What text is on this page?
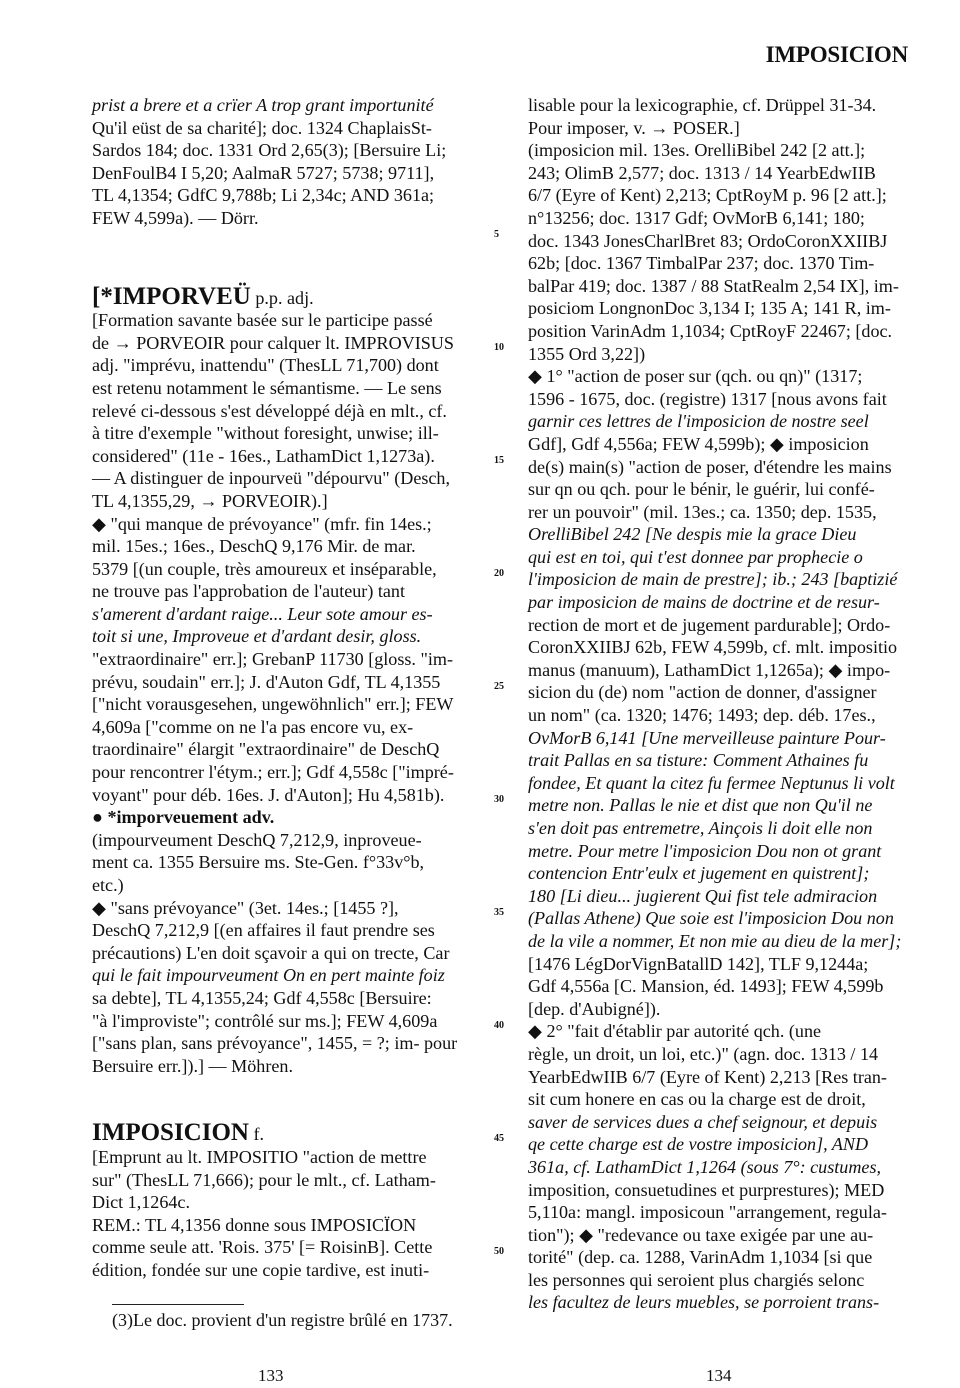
IMPOSICION
prist a brere et a crïer A trop grant importunité
Qu'il eüst de sa charité]; doc. 1324 ChaplaisSt-
Sardos 184; doc. 1331 Ord 2,65(3); [Bersuire Li;
DenFoulB4 I 5,20; AalmaR 5727; 5738; 9711],
TL 4,1354; GdfC 9,788b; Li 2,34c; AND 361a;
FEW 4,599a). — Dörr.
[*IMPORVEÜ p.p. adj.
[Formation savante basée sur le participe passé
de → PORVEOIR pour calquer lt. IMPROVISUS
adj. "imprévu, inattendu" (ThesLL 71,700) dont
est retenu notamment le sémantisme. — Le sens
relevé ci-dessous s'est développé déjà en mlt., cf.
à titre d'exemple "without foresight, unwise; ill-
considered" (11e - 16es., LathamDict 1,1273a).
— A distinguer de inpourveü "dépourvu" (Desch,
TL 4,1355,29, → PORVEOIR).]
◆ "qui manque de prévoyance" (mfr. fin 14es.;
mil. 15es.; 16es., DeschQ 9,176 Mir. de mar.
5379 [(un couple, très amoureux et inséparable,
ne trouve pas l'approbation de l'auteur) tant
s'amerent d'ardant raige... Leur sote amour es-
toit si une, Improveue et d'ardant desir, gloss.
"extraordinaire" err.]; GrebanP 11730 [gloss. "im-
prévu, soudain" err.]; J. d'Auton Gdf, TL 4,1355
["nicht vorausgesehen, ungewöhnlich" err.]; FEW
4,609a ["comme on ne l'a pas encore vu, ex-
traordinaire" élargit "extraordinaire" de DeschQ
pour rencontrer l'étym.; err.]; Gdf 4,558c ["impré-
voyant" pour déb. 16es. J. d'Auton]; Hu 4,581b).
● *imporveuement adv.
(impourveument DeschQ 7,212,9, inproveue-
ment ca. 1355 Bersuire ms. Ste-Gen. f°33v°b,
etc.)
◆ "sans prévoyance" (3et. 14es.; [1455 ?],
DeschQ 7,212,9 [(en affaires il faut prendre ses
précautions) L'en doit sçavoir a qui on trecte, Car
qui le fait impourveument On en pert mainte foiz
sa debte], TL 4,1355,24; Gdf 4,558c [Bersuire:
"à l'improviste"; contrôlé sur ms.]; FEW 4,609a
["sans plan, sans prévoyance", 1455, = ?; im- pour
Bersuire err.]).] — Möhren.
IMPOSICION f.
[Emprunt au lt. IMPOSITIO "action de mettre
sur" (ThesLL 71,666); pour le mlt., cf. Latham-
Dict 1,1264c.
REM.: TL 4,1356 donne sous IMPOSICÏON
comme seule att. 'Rois. 375' [= RoisinB]. Cette
édition, fondée sur une copie tardive, est inuti-
5
10
15
20
25
30
35
40
45
50
lisable pour la lexicographie, cf. Drüppel 31-34.
Pour imposer, v. → POSER.]
(imposicion mil. 13es. OrelliBibel 242 [2 att.];
243; OlimB 2,577; doc. 1313 / 14 YearbEdwIIB
6/7 (Eyre of Kent) 2,213; CptRoyM p. 96 [2 att.];
n°13256; doc. 1317 Gdf; OvMorB 6,141; 180;
doc. 1343 JonesCharlBret 83; OrdoCoronXXIIBJ
62b; [doc. 1367 TimbalPar 237; doc. 1370 Tim-
balPar 419; doc. 1387 / 88 StatRealm 2,54 IX], im-
posiciom LongnonDoc 3,134 I; 135 A; 141 R, im-
position VarinAdm 1,1034; CptRoyF 22467; [doc.
1355 Ord 3,22])
◆ 1° "action de poser sur (qch. ou qn)" (1317;
1596 - 1675, doc. (registre) 1317 [nous avons fait
garnir ces lettres de l'imposicion de nostre seel
Gdf], Gdf 4,556a; FEW 4,599b); ◆ imposicion
de(s) main(s) "action de poser, d'étendre les mains
sur qn ou qch. pour le bénir, le guérir, lui confé-
rer un pouvoir" (mil. 13es.; ca. 1350; dep. 1535,
OrelliBibel 242 [Ne despis mie la grace Dieu
qui est en toi, qui t'est donnee par prophecie o
l'imposicion de main de prestre]; ib.; 243 [baptizié
par imposicion de mains de doctrine et de resur-
rection de mort et de jugement pardurable]; Ordo-
CoronXXIIBJ 62b, FEW 4,599b, cf. mlt. impositio
manus (manuum), LathamDict 1,1265a); ◆ impo-
sicion du (de) nom "action de donner, d'assigner
un nom" (ca. 1320; 1476; 1493; dep. déb. 17es.,
OvMorB 6,141 [Une merveilleuse painture Pour-
trait Pallas en sa tisture: Comment Athaines fu
fondee, Et quant la citez fu fermee Neptunus li volt
metre non. Pallas le nie et dist que non Qu'il ne
s'en doit pas entremetre, Ainçois li doit elle non
metre. Pour metre l'imposicion Dou non ot grant
contencion Entr'eulx et jugement en quistrent];
180 [Li dieu... jugierent Qui fist tele admiracion
(Pallas Athene) Que soie est l'imposicion Dou non
de la vile a nommer, Et non mie au dieu de la mer];
[1476 LégDorVignBatallD 142], TLF 9,1244a;
Gdf 4,556a [C. Mansion, éd. 1493]; FEW 4,599b
[dep. d'Aubigné]).
◆ 2° "fait d'établir par autorité qch. (une
règle, un droit, un loi, etc.)" (agn. doc. 1313 / 14
YearbEdwIIB 6/7 (Eyre of Kent) 2,213 [Res tran-
sit cum honere en cas ou la charge est de droit,
saver de services dues a chef seignour, et depuis
qe cette charge est de vostre imposicion], AND
361a, cf. LathamDict 1,1264 (sous 7°: custumes,
imposition, consuetudines et purprestures); MED
5,110a: mangl. imposicoun "arrangement, regula-
tion"); ◆ "redevance ou taxe exigée par une au-
torité" (dep. ca. 1288, VarinAdm 1,1034 [si que
les personnes qui seroient plus chargiés selonc
les facultez de leurs muebles, se porroient trans-
(3)Le doc. provient d'un registre brûlé en 1737.
133	134
